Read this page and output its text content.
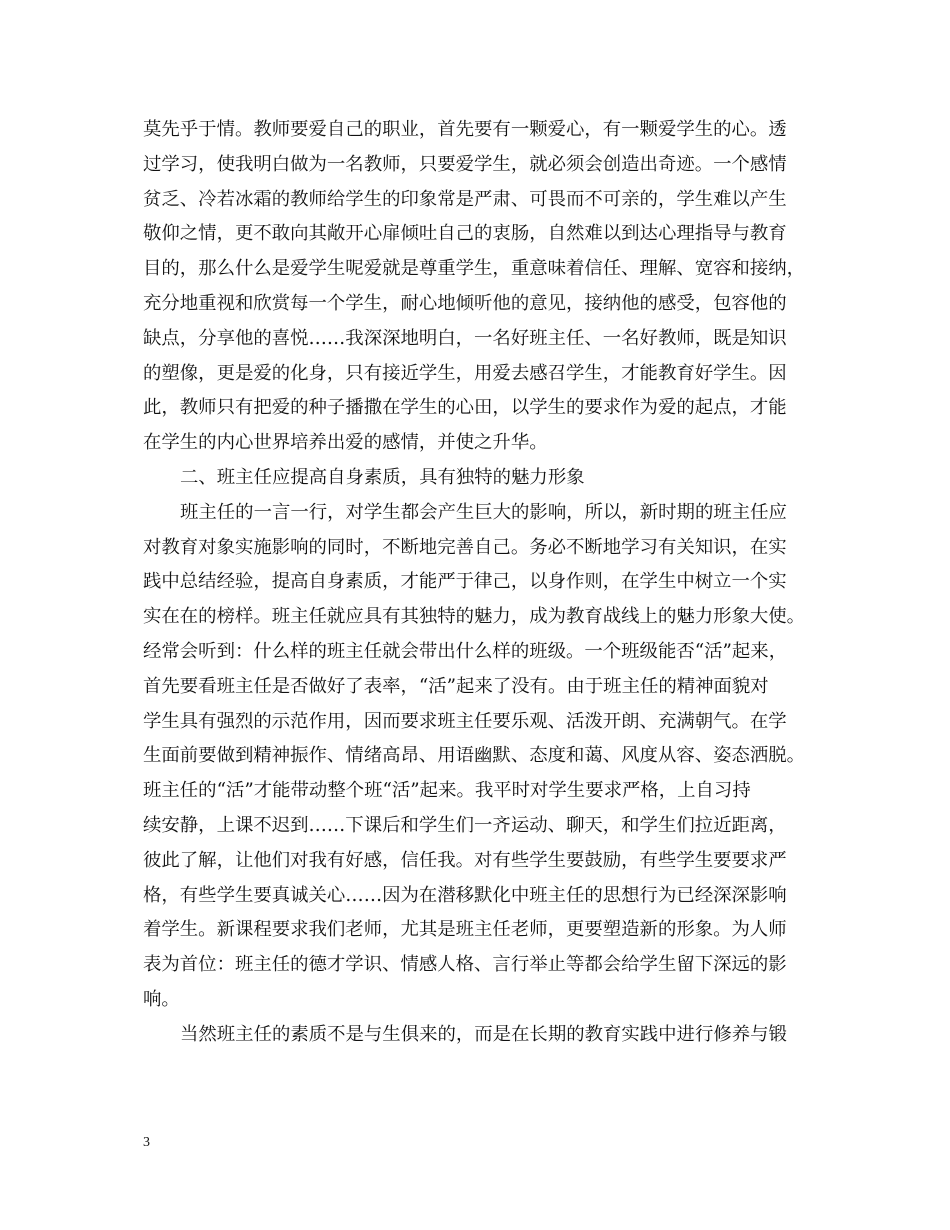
莫先乎于情。教师要爱自己的职业，首先要有一颗爱心，有一颗爱学生的心。透
过学习，使我明白做为一名教师，只要爱学生，就必须会创造出奇迹。一个感情
贫乏、冷若冰霜的教师给学生的印象常是严肃、可畏而不可亲的，学生难以产生
敬仰之情，更不敢向其敞开心扉倾吐自己的衷肠，自然难以到达心理指导与教育
目的，那么什么是爱学生呢爱就是尊重学生，重意味着信任、理解、宽容和接纳，
充分地重视和欣赏每一个学生，耐心地倾听他的意见，接纳他的感受，包容他的
缺点，分享他的喜悦……我深深地明白，一名好班主任、一名好教师，既是知识
的塑像，更是爱的化身，只有接近学生，用爱去感召学生，才能教育好学生。因
此，教师只有把爱的种子播撒在学生的心田，以学生的要求作为爱的起点，才能
在学生的内心世界培养出爱的感情，并使之升华。
二、班主任应提高自身素质，具有独特的魅力形象
班主任的一言一行，对学生都会产生巨大的影响，所以，新时期的班主任应
对教育对象实施影响的同时，不断地完善自己。务必不断地学习有关知识，在实
践中总结经验，提高自身素质，才能严于律己，以身作则，在学生中树立一个实
实在在的榜样。班主任就应具有其独特的魅力，成为教育战线上的魅力形象大使。
经常会听到：什么样的班主任就会带出什么样的班级。一个班级能否“活”起来，
首先要看班主任是否做好了表率，“活”起来了没有。由于班主任的精神面貌对
学生具有强烈的示范作用，因而要求班主任要乐观、活泼开朗、充满朝气。在学
生面前要做到精神振作、情绪高昂、用语幽默、态度和蔼、风度从容、姿态洒脱。
班主任的“活”才能带动整个班“活”起来。我平时对学生要求严格，上自习持
续安静，上课不迟到……下课后和学生们一齐运动、聊天，和学生们拉近距离，
彼此了解，让他们对我有好感，信任我。对有些学生要鼓励，有些学生要要求严
格，有些学生要真诚关心……因为在潜移默化中班主任的思想行为已经深深影响
着学生。新课程要求我们老师，尤其是班主任老师，更要塑造新的形象。为人师
表为首位：班主任的德才学识、情感人格、言行举止等都会给学生留下深远的影
响。
当然班主任的素质不是与生俱来的，而是在长期的教育实践中进行修养与锻
3
